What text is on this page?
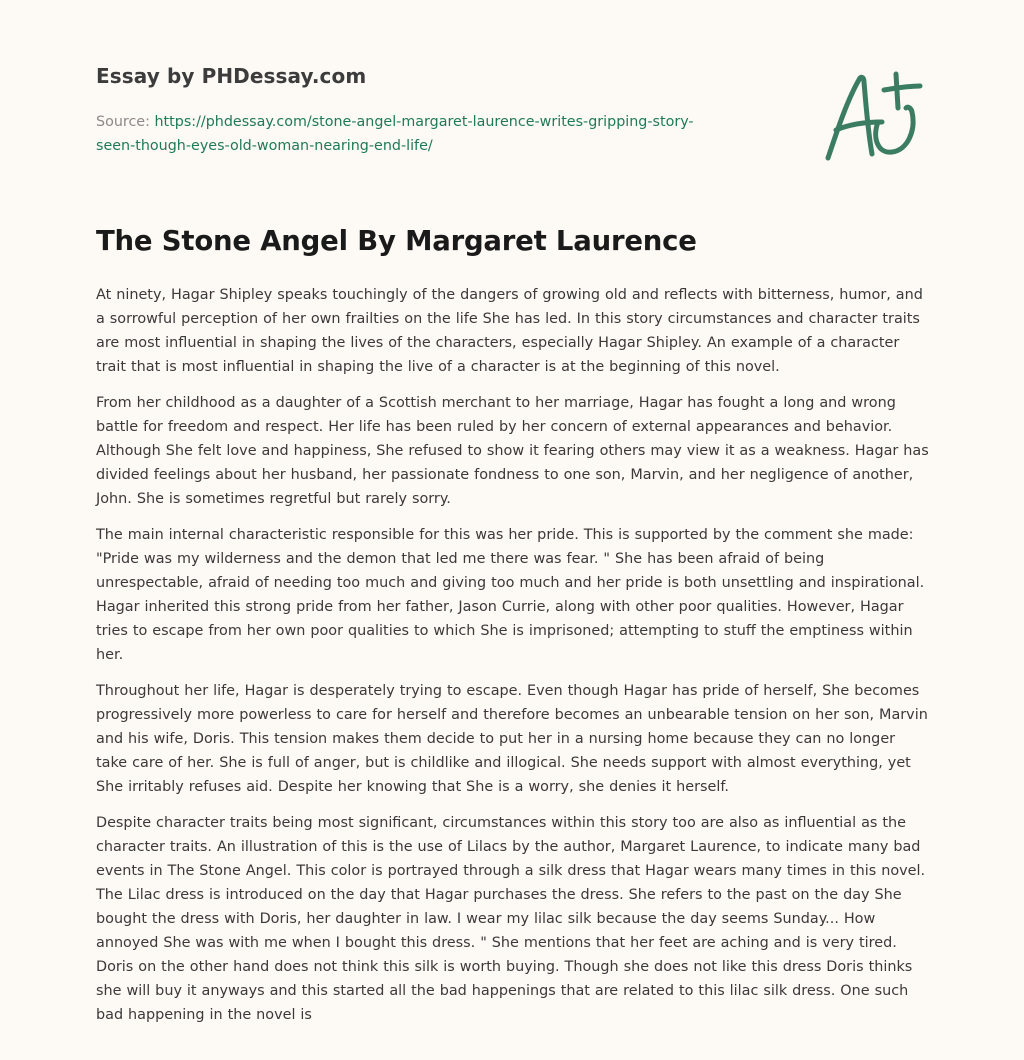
Essay by PHDessay.com
Source: https://phdessay.com/stone-angel-margaret-laurence-writes-gripping-story-
seen-though-eyes-old-woman-nearing-end-life/
The Stone Angel By Margaret Laurence

At ninety, Hagar Shipley speaks touchingly of the dangers of growing old and reflects with bitterness, humor, and a sorrowful perception of her own frailties on the life She has led. In this story circumstances and character traits are most influential in shaping the lives of the characters, especially Hagar Shipley. An example of a character trait that is most influential in shaping the live of a character is at the beginning of this novel.

From her childhood as a daughter of a Scottish merchant to her marriage, Hagar has fought a long and wrong battle for freedom and respect. Her life has been ruled by her concern of external appearances and behavior. Although She felt love and happiness, She refused to show it fearing others may view it as a weakness. Hagar has divided feelings about her husband, her passionate fondness to one son, Marvin, and her negligence of another, John. She is sometimes regretful but rarely sorry.

The main internal characteristic responsible for this was her pride. This is supported by the comment she made: "Pride was my wilderness and the demon that led me there was fear. " She has been afraid of being unrespectable, afraid of needing too much and giving too much and her pride is both unsettling and inspirational. Hagar inherited this strong pride from her father, Jason Currie, along with other poor qualities. However, Hagar tries to escape from her own poor qualities to which She is imprisoned; attempting to stuff the emptiness within her.

Throughout her life, Hagar is desperately trying to escape. Even though Hagar has pride of herself, She becomes progressively more powerless to care for herself and therefore becomes an unbearable tension on her son, Marvin and his wife, Doris. This tension makes them decide to put her in a nursing home because they can no longer take care of her. She is full of anger, but is childlike and illogical. She needs support with almost everything, yet She irritably refuses aid. Despite her knowing that She is a worry, she denies it herself.

Despite character traits being most significant, circumstances within this story too are also as influential as the character traits. An illustration of this is the use of Lilacs by the author, Margaret Laurence, to indicate many bad events in The Stone Angel. This color is portrayed through a silk dress that Hagar wears many times in this novel. The Lilac dress is introduced on the day that Hagar purchases the dress. She refers to the past on the day She bought the dress with Doris, her daughter in law. I wear my lilac silk because the day seems Sunday... How annoyed She was with me when I bought this dress. " She mentions that her feet are aching and is very tired. Doris on the other hand does not think this silk is worth buying. Though she does not like this dress Doris thinks she will buy it anyways and this started all the bad happenings that are related to this lilac silk dress. One such bad happening in the novel is
